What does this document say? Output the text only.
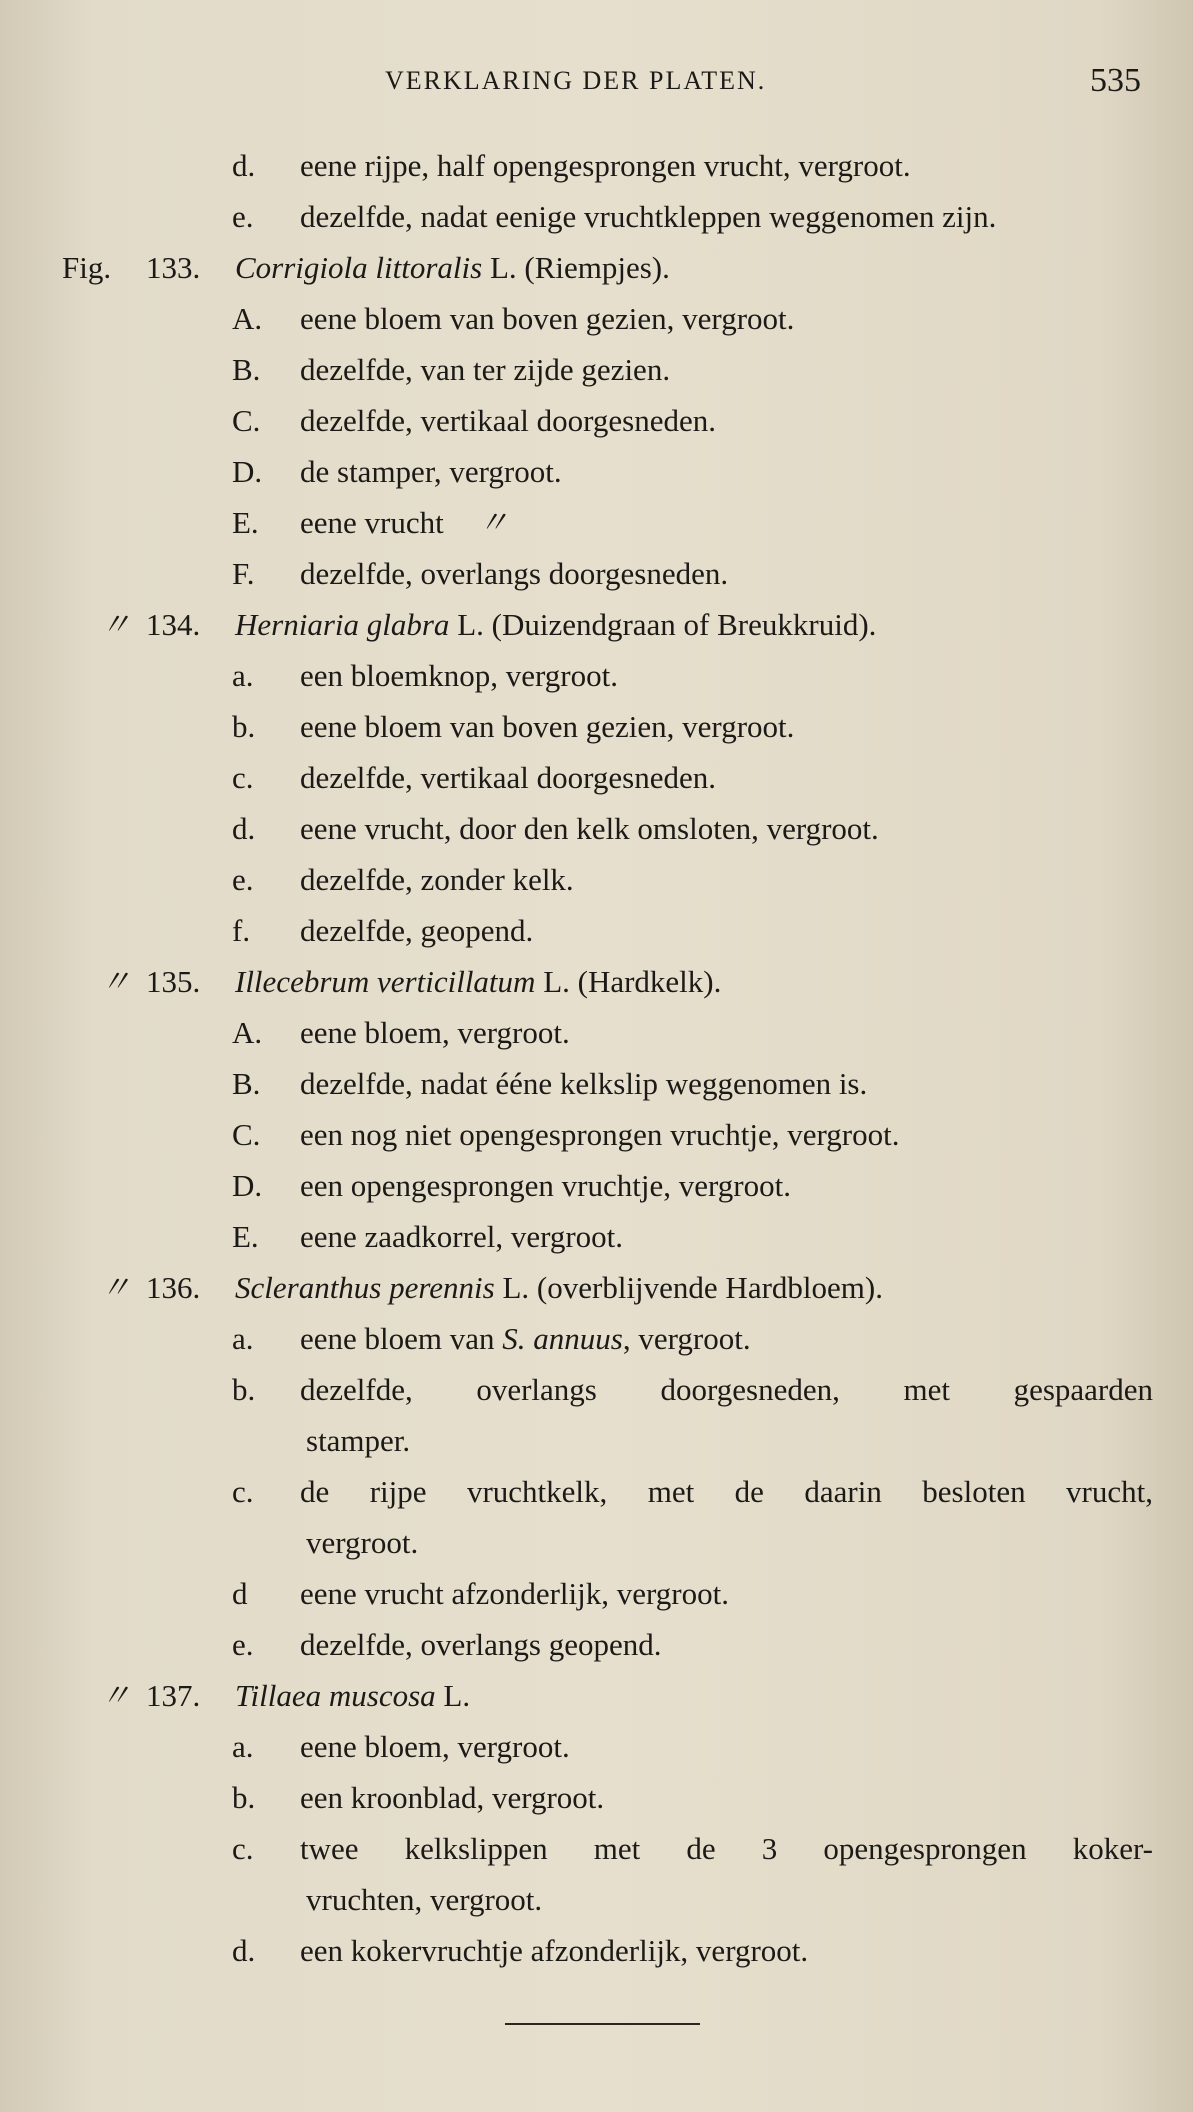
VERKLARING DER PLATEN.	535
d. eene rijpe, half opengesprongen vrucht, vergroot.
e. dezelfde, nadat eenige vruchtkleppen weggenomen zijn.
Fig. 133. Corrigiola littoralis L. (Riempjes).
A. eene bloem van boven gezien, vergroot.
B. dezelfde, van ter zijde gezien.
C. dezelfde, vertikaal doorgesneden.
D. de stamper, vergroot.
E. eene vrucht 〃
F. dezelfde, overlangs doorgesneden.
〃 134. Herniaria glabra L. (Duizendgraan of Breukkruid).
a. een bloemknop, vergroot.
b. eene bloem van boven gezien, vergroot.
c. dezelfde, vertikaal doorgesneden.
d. eene vrucht, door den kelk omsloten, vergroot.
e. dezelfde, zonder kelk.
f. dezelfde, geopend.
〃 135. Illecebrum verticillatum L. (Hardkelk).
A. eene bloem, vergroot.
B. dezelfde, nadat ééne kelkslip weggenomen is.
C. een nog niet opengesprongen vruchtje, vergroot.
D. een opengesprongen vruchtje, vergroot.
E. eene zaadkorrel, vergroot.
〃 136. Scleranthus perennis L. (overblijvende Hardbloem).
a. eene bloem van S. annuus, vergroot.
b. dezelfde, overlangs doorgesneden, met gespaarden
stamper.
c. de rijpe vruchtkelk, met de daarin besloten vrucht,
vergroot.
d eene vrucht afzonderlijk, vergroot.
e. dezelfde, overlangs geopend.
〃 137. Tillaea muscosa L.
a. eene bloem, vergroot.
b. een kroonblad, vergroot.
c. twee kelkslippen met de 3 opengesprongen koker-
vruchten, vergroot.
d. een kokervruchtje afzonderlijk, vergroot.
